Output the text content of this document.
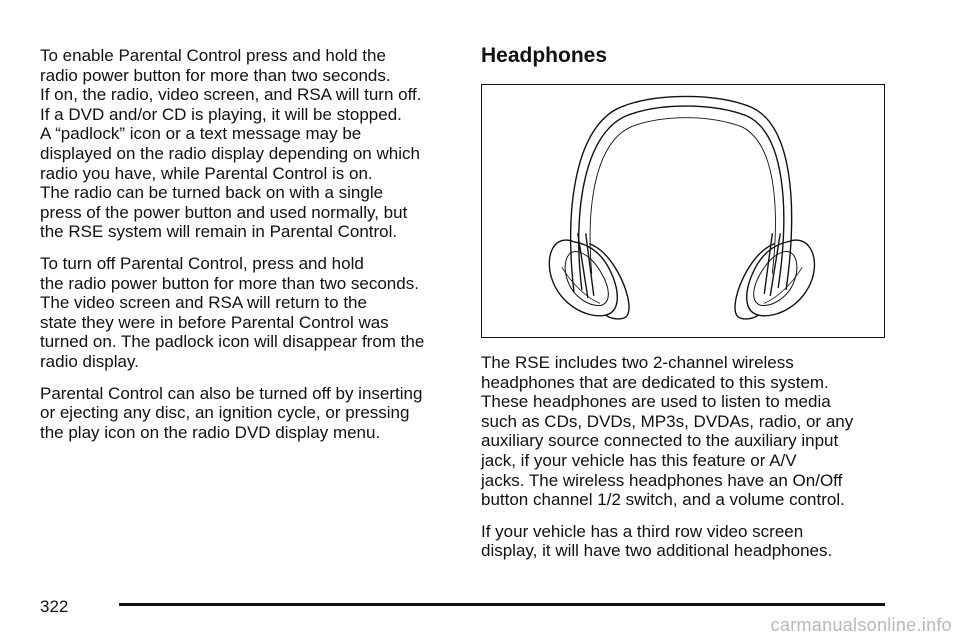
To enable Parental Control press and hold the
radio power button for more than two seconds.
If on, the radio, video screen, and RSA will turn off.
If a DVD and/or CD is playing, it will be stopped.
A “padlock” icon or a text message may be
displayed on the radio display depending on which
radio you have, while Parental Control is on.
The radio can be turned back on with a single
press of the power button and used normally, but
the RSE system will remain in Parental Control.

To turn off Parental Control, press and hold
the radio power button for more than two seconds.
The video screen and RSA will return to the
state they were in before Parental Control was
turned on. The padlock icon will disappear from the
radio display.

Parental Control can also be turned off by inserting
or ejecting any disc, an ignition cycle, or pressing
the play icon on the radio DVD display menu.

Headphones

The RSE includes two 2-channel wireless
headphones that are dedicated to this system.
These headphones are used to listen to media
such as CDs, DVDs, MP3s, DVDAs, radio, or any
auxiliary source connected to the auxiliary input
jack, if your vehicle has this feature or A/V
jacks. The wireless headphones have an On/Off
button channel 1/2 switch, and a volume control.

If your vehicle has a third row video screen
display, it will have two additional headphones.

322
carmanualsonline.info
